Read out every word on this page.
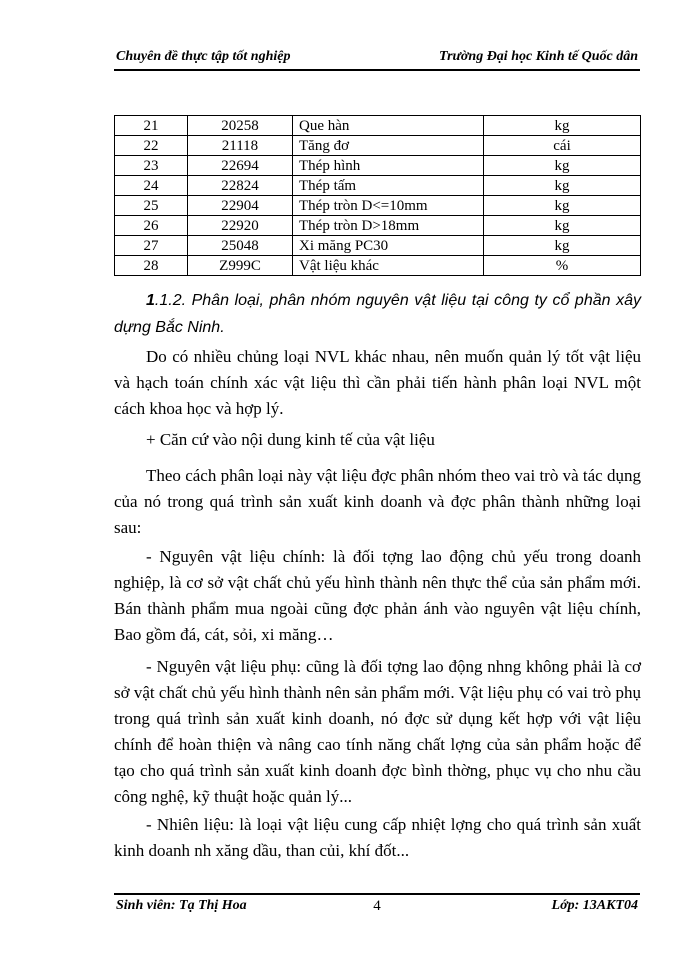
Chuyên đề thực tập tốt nghiệp	Trường Đại học Kinh tế Quốc dân
21	20258	Que hàn	kg
22	21118	Tăng đơ	cái
23	22694	Thép hình	kg
24	22824	Thép tấm	kg
25	22904	Thép tròn D<=10mm	kg
26	22920	Thép tròn D>18mm	kg
27	25048	Xi măng PC30	kg
28	Z999C	Vật liệu khác	%

1.1.2. Phân loại, phân nhóm nguyên vật liệu tại công ty cổ phần xây dựng Bắc Ninh.

Do có nhiều chủng loại NVL khác nhau, nên muốn quản lý tốt vật liệu và hạch toán chính xác vật liệu thì cần phải tiến hành phân loại NVL một cách khoa học và hợp lý.

+ Căn cứ vào nội dung kinh tế của vật liệu

Theo cách phân loại này vật liệu đợc phân nhóm theo vai trò và tác dụng của nó trong quá trình sản xuất kinh doanh và đợc phân thành những loại sau:

- Nguyên vật liệu chính: là đối tợng lao động chủ yếu trong doanh nghiệp, là cơ sở vật chất chủ yếu hình thành nên thực thể của sản phẩm mới. Bán thành phẩm mua ngoài cũng đợc phản ánh vào nguyên vật liệu chính, Bao gồm đá, cát, sỏi, xi măng…

- Nguyên vật liệu phụ: cũng là đối tợng lao động nhng không phải là cơ sở vật chất chủ yếu hình thành nên sản phẩm mới. Vật liệu phụ có vai trò phụ trong quá trình sản xuất kinh doanh, nó đợc sử dụng kết hợp với vật liệu chính để hoàn thiện và nâng cao tính năng chất lợng của sản phẩm hoặc để tạo cho quá trình sản xuất kinh doanh đợc bình thờng, phục vụ cho nhu cầu công nghệ, kỹ thuật hoặc quản lý...

- Nhiên liệu: là loại vật liệu cung cấp nhiệt lợng cho quá trình sản xuất kinh doanh nh xăng dầu, than củi, khí đốt...

Sinh viên: Tạ Thị Hoa	4	Lớp: 13AKT04
